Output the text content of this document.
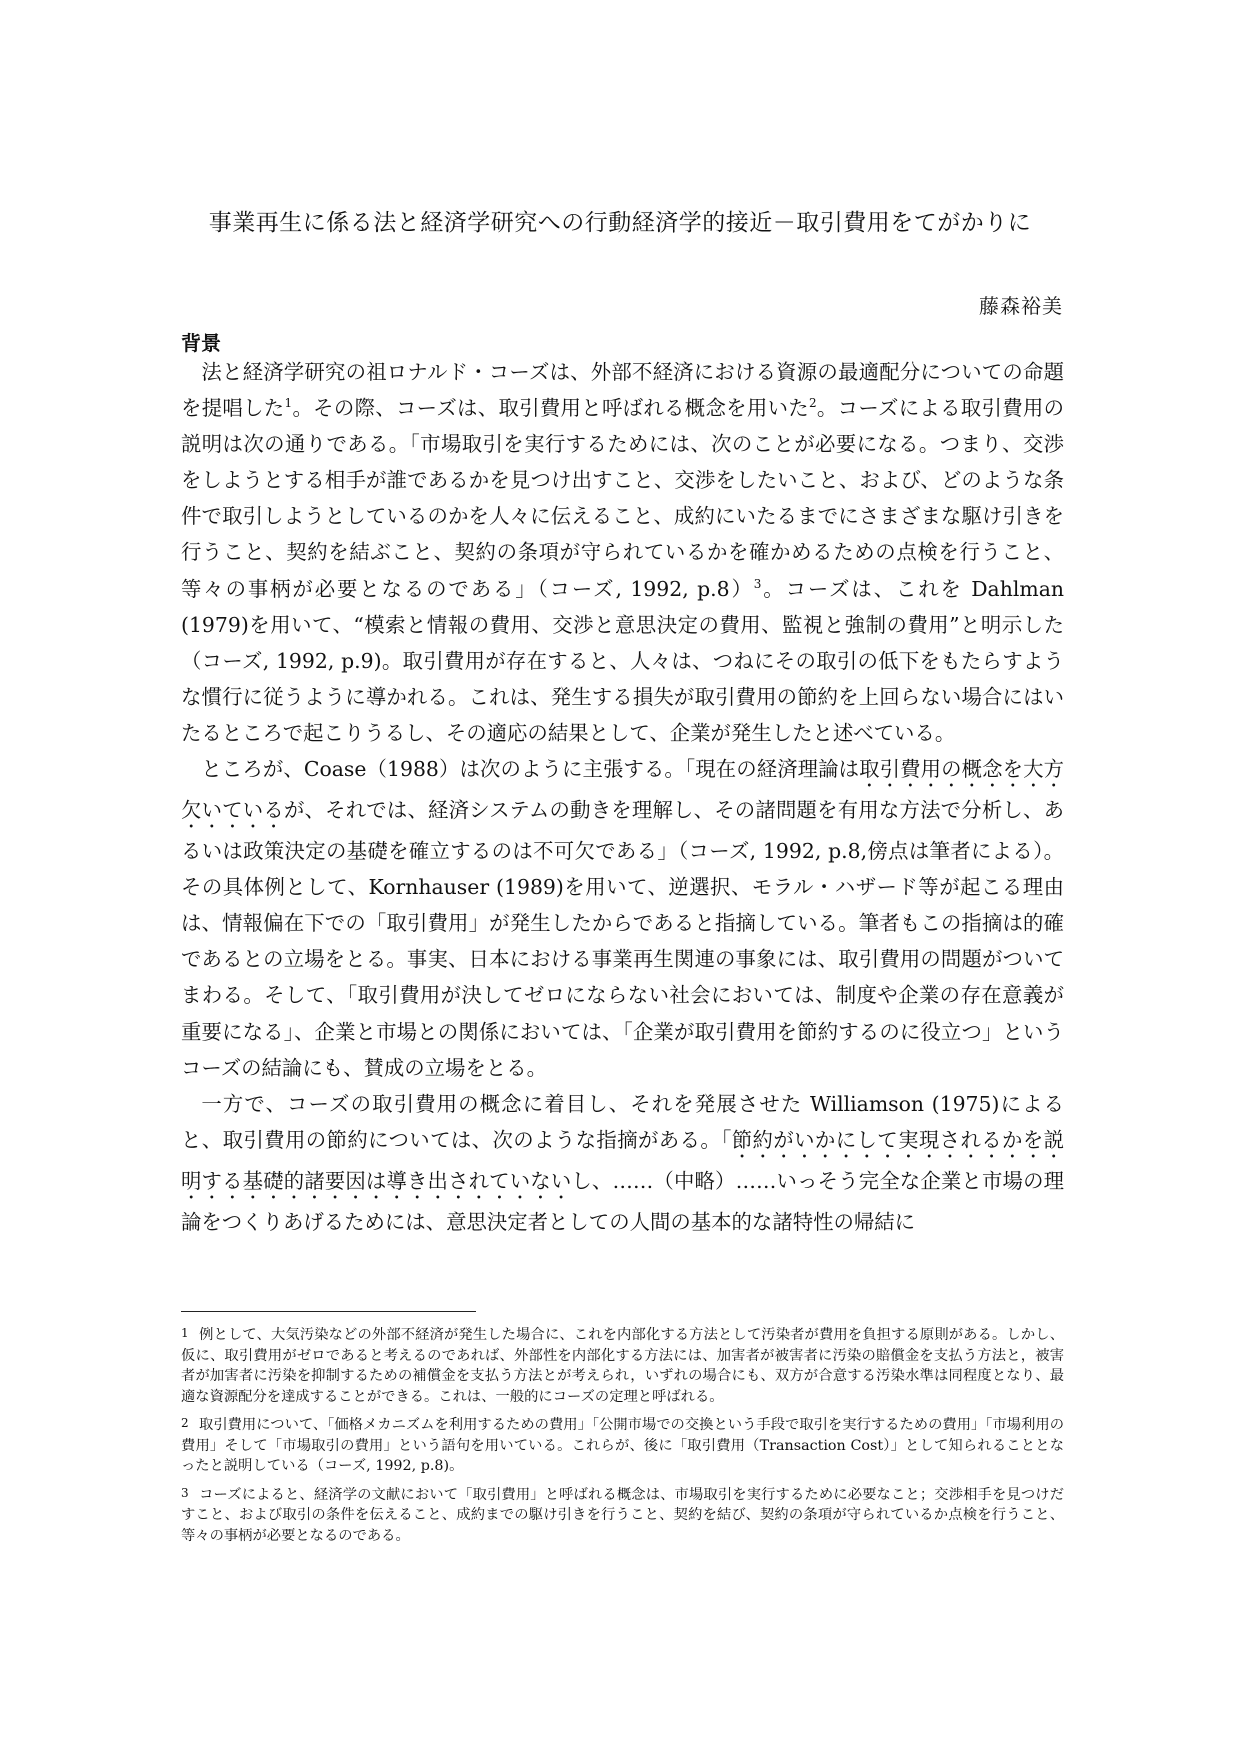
事業再生に係る法と経済学研究への行動経済学的接近－取引費用をてがかりに
藤森裕美
背景

法と経済学研究の祖ロナルド・コーズは、外部不経済における資源の最適配分についての命題を提唱した$^1$。その際、コーズは、取引費用と呼ばれる概念を用いた$^2$。コーズによる取引費用の説明は次の通りである。「市場取引を実行するためには、次のことが必要になる。つまり、交渉をしようとする相手が誰であるかを見つけ出すこと、交渉をしたいこと、および、どのような条件で取引しようとしているのかを人々に伝えること、成約にいたるまでにさまざまな駆け引きを行うこと、契約を結ぶこと、契約の条項が守られているかを確かめるための点検を行うこと、等々の事柄が必要となるのである」（コーズ, 1992, p.8）$^3$。コーズは、これを Dahlman (1979)を用いて、“模索と情報の費用、交渉と意思決定の費用、監視と強制の費用”と明示した（コーズ, 1992, p.9)。取引費用が存在すると、人々は、つねにその取引の低下をもたらすような慣行に従うように導かれる。これは、発生する損失が取引費用の節約を上回らない場合にはいたるところで起こりうるし、その適応の結果として、企業が発生したと述べている。

ところが、Coase（1988）は次のように主張する。「現在の経済理論は取引費用の概念を大方欠いているが、それでは、経済システムの動きを理解し、その諸問題を有用な方法で分析し、あるいは政策決定の基礎を確立するのは不可欠である」（コーズ, 1992, p.8,傍点は筆者による）。その具体例として、Kornhauser (1989)を用いて、逆選択、モラル・ハザード等が起こる理由は、情報偏在下での「取引費用」が発生したからであると指摘している。筆者もこの指摘は的確であるとの立場をとる。事実、日本における事業再生関連の事象には、取引費用の問題がついてまわる。そして、「取引費用が決してゼロにならない社会においては、制度や企業の存在意義が重要になる」、企業と市場との関係においては、「企業が取引費用を節約するのに役立つ」というコーズの結論にも、賛成の立場をとる。

一方で、コーズの取引費用の概念に着目し、それを発展させた Williamson (1975)によると、取引費用の節約については、次のような指摘がある。「節約がいかにして実現されるかを説明する基礎的諸要因は導き出されていないし、……（中略）……いっそう完全な企業と市場の理論をつくりあげるためには、意思決定者としての人間の基本的な諸特性の帰結に

1 例として、大気汚染などの外部不経済が発生した場合に、これを内部化する方法として汚染者が費用を負担する原則がある。しかし、仮に、取引費用がゼロであると考えるのであれば、外部性を内部化する方法には、加害者が被害者に汚染の賠償金を支払う方法と，被害者が加害者に汚染を抑制するための補償金を支払う方法とが考えられ，いずれの場合にも、双方が合意する汚染水準は同程度となり、最適な資源配分を達成することができる。これは、一般的にコーズの定理と呼ばれる。

2 取引費用について、「価格メカニズムを利用するための費用」「公開市場での交換という手段で取引を実行するための費用」「市場利用の費用」そして「市場取引の費用」という語句を用いている。これらが、後に「取引費用（Transaction Cost）」として知られることとなったと説明している（コーズ, 1992, p.8)。

3 コーズによると、経済学の文献において「取引費用」と呼ばれる概念は、市場取引を実行するために必要なこと；交渉相手を見つけだすこと、および取引の条件を伝えること、成約までの駆け引きを行うこと、契約を結び、契約の条項が守られているか点検を行うこと、等々の事柄が必要となるのである。
